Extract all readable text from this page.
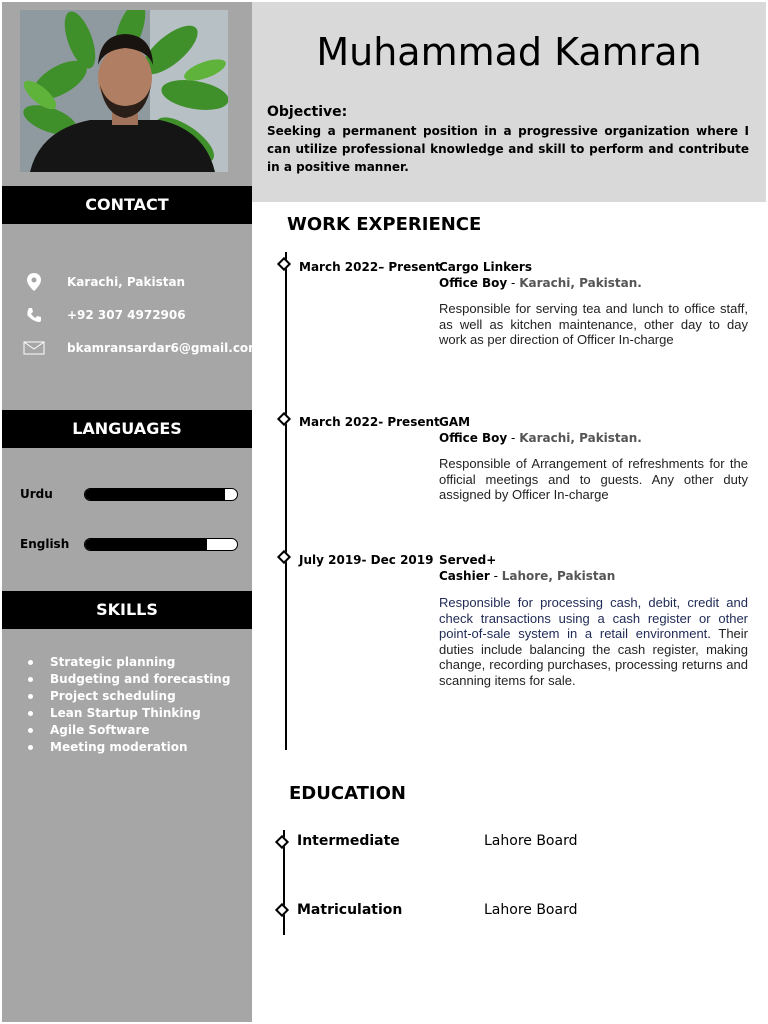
CONTACT
Karachi, Pakistan
+92 307 4972906
bkamransardar6@gmail.com
LANGUAGES
Urdu
English
SKILLS
Strategic planning
Budgeting and forecasting
Project scheduling
Lean Startup Thinking
Agile Software
Meeting moderation
Muhammad Kamran
Objective:
Seeking a permanent position in a progressive organization where I can utilize professional knowledge and skill to perform and contribute in a positive manner.
WORK EXPERIENCE
March 2022– Present
Cargo Linkers
Office Boy - Karachi, Pakistan.
Responsible for serving tea and lunch to office staff, as well as kitchen maintenance, other day to day work as per direction of Officer In-charge
March 2022- Present GAM
Office Boy - Karachi, Pakistan.
Responsible of Arrangement of refreshments for the official meetings and to guests. Any other duty assigned by Officer In-charge
July 2019- Dec 2019 Served+
Cashier - Lahore, Pakistan
Responsible for processing cash, debit, credit and check transactions using a cash register or other point-of-sale system in a retail environment. Their duties include balancing the cash register, making change, recording purchases, processing returns and scanning items for sale.
EDUCATION
Intermediate	Lahore Board
Matriculation	Lahore Board
